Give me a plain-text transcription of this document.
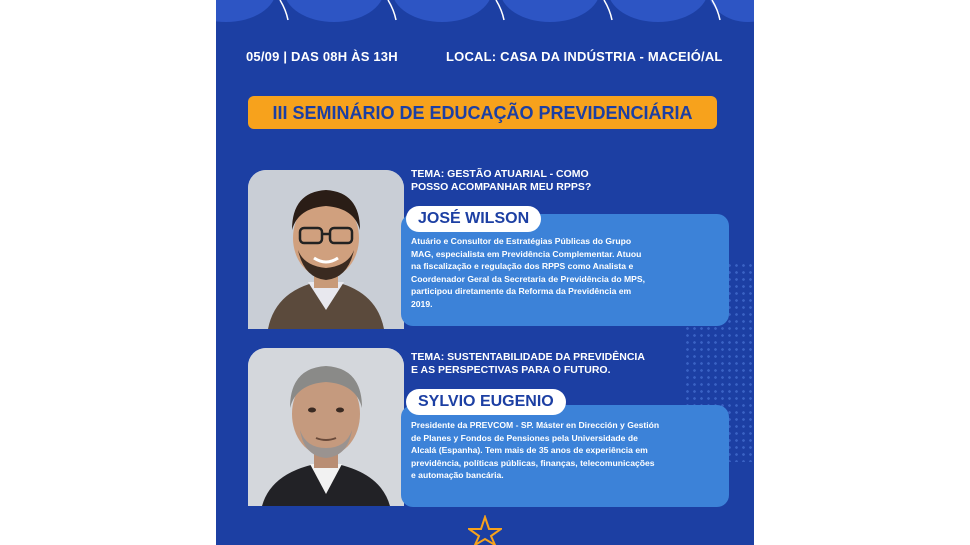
05/09 | DAS 08H ÀS 13H	LOCAL: CASA DA INDÚSTRIA - MACEIÓ/AL
III SEMINÁRIO DE EDUCAÇÃO PREVIDENCIÁRIA
TEMA: GESTÃO ATUARIAL - COMO
POSSO ACOMPANHAR MEU RPPS?
JOSÉ WILSON
Atuário e Consultor de Estratégias Públicas do Grupo
MAG, especialista em Previdência Complementar. Atuou
na fiscalização e regulação dos RPPS como Analista e
Coordenador Geral da Secretaria de Previdência do MPS,
participou diretamente da Reforma da Previdência em
2019.
TEMA: SUSTENTABILIDADE DA PREVIDÊNCIA
E AS PERSPECTIVAS PARA O FUTURO.
SYLVIO EUGENIO
Presidente da PREVCOM - SP. Máster en Dirección y Gestión
de Planes y Fondos de Pensiones pela Universidade de
Alcalá (Espanha). Tem mais de 35 anos de experiência em
previdência, políticas públicas, finanças, telecomunicações
e automação bancária.
